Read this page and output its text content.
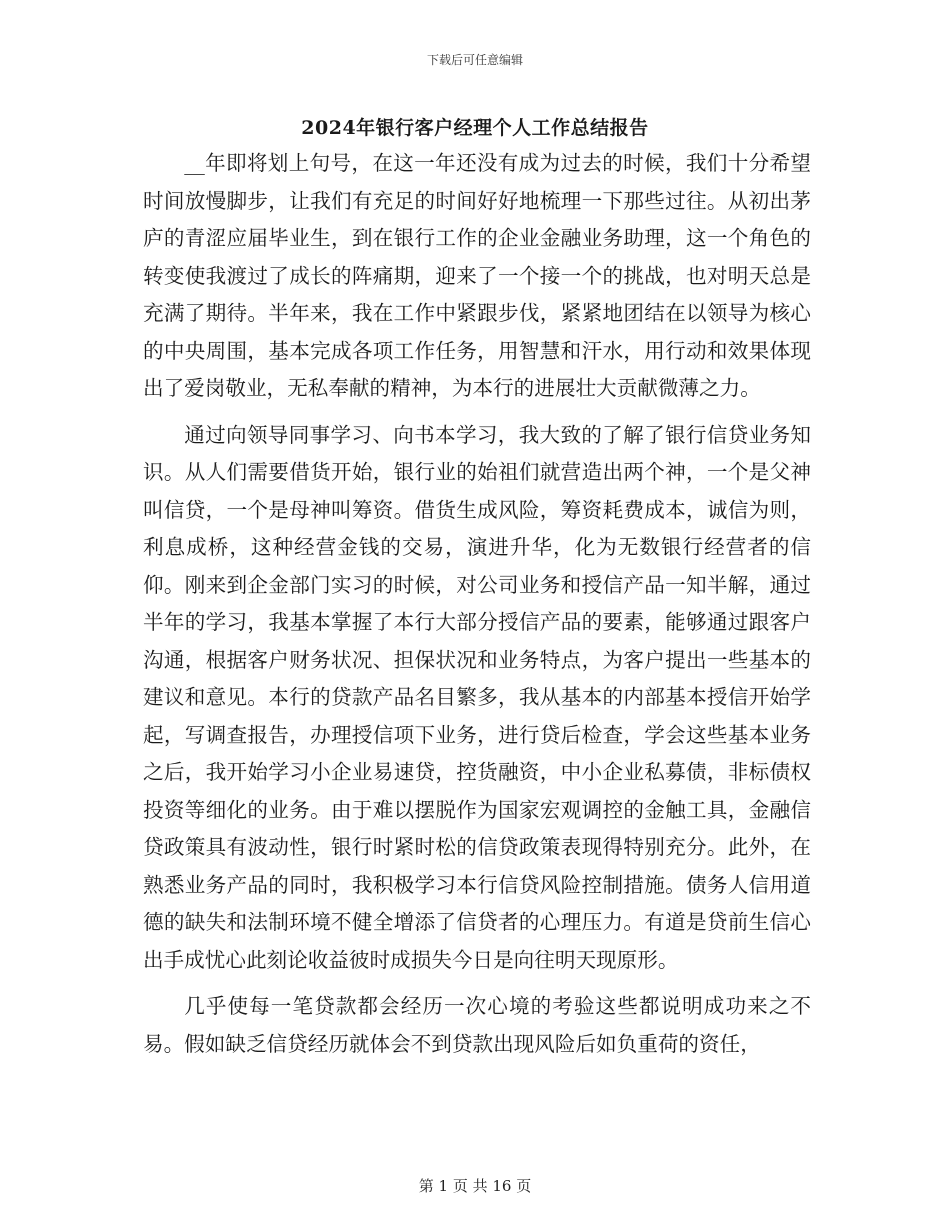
下载后可任意编辑
2024年银行客户经理个人工作总结报告

__年即将划上句号，在这一年还没有成为过去的时候，我们十分希望时间放慢脚步，让我们有充足的时间好好地梳理一下那些过往。从初出茅庐的青涩应届毕业生，到在银行工作的企业金融业务助理，这一个角色的转变使我渡过了成长的阵痛期，迎来了一个接一个的挑战，也对明天总是充满了期待。半年来，我在工作中紧跟步伐，紧紧地团结在以领导为核心的中央周围，基本完成各项工作任务，用智慧和汗水，用行动和效果体现出了爱岗敬业，无私奉献的精神，为本行的进展壮大贡献微薄之力。

通过向领导同事学习、向书本学习，我大致的了解了银行信贷业务知识。从人们需要借货开始，银行业的始祖们就营造出两个神，一个是父神叫信贷，一个是母神叫筹资。借货生成风险，筹资耗费成本，诚信为则，利息成桥，这种经营金钱的交易，演进升华，化为无数银行经营者的信仰。刚来到企金部门实习的时候，对公司业务和授信产品一知半解，通过半年的学习，我基本掌握了本行大部分授信产品的要素，能够通过跟客户沟通，根据客户财务状况、担保状况和业务特点，为客户提出一些基本的建议和意见。本行的贷款产品名目繁多，我从基本的内部基本授信开始学起，写调查报告，办理授信项下业务，进行贷后检查，学会这些基本业务之后，我开始学习小企业易速贷，控货融资，中小企业私募债，非标债权投资等细化的业务。由于难以摆脱作为国家宏观调控的金触工具，金融信贷政策具有波动性，银行时紧时松的信贷政策表现得特别充分。此外，在熟悉业务产品的同时，我积极学习本行信贷风险控制措施。债务人信用道德的缺失和法制环境不健全增添了信贷者的心理压力。有道是贷前生信心出手成忧心此刻论收益彼时成损失今日是向往明天现原形。

几乎使每一笔贷款都会经历一次心境的考验这些都说明成功来之不易。假如缺乏信贷经历就体会不到贷款出现风险后如负重荷的资任，

第 1 页 共 16 页
